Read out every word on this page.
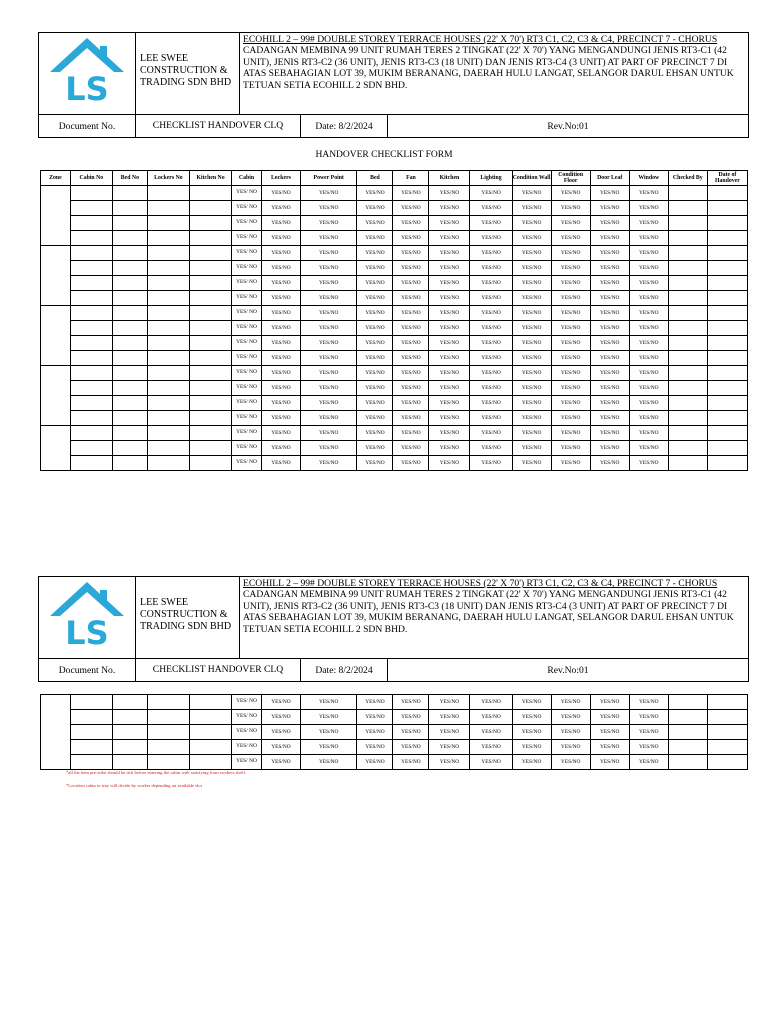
LS	LEE SWEE CONSTRUCTION & TRADING SDN BHD	ECOHILL 2 – 99# DOUBLE STOREY TERRACE HOUSES (22' X 70') RT3 C1, C2, C3 & C4, PRECINCT 7 - CHORUS
CADANGAN MEMBINA 99 UNIT RUMAH TERES 2 TINGKAT (22' X 70') YANG MENGANDUNGI JENIS RT3-C1 (42 UNIT), JENIS RT3-C2 (36 UNIT), JENIS RT3-C3 (18 UNIT) DAN JENIS RT3-C4 (3 UNIT) AT PART OF PRECINCT 7 DI ATAS SEBAHAGIAN LOT 39, MUKIM BERANANG, DAERAH HULU LANGAT, SELANGOR DARUL EHSAN UNTUK TETUAN SETIA ECOHILL 2 SDN BHD.		

Document No.	CHECKLIST HANDOVER CLQ		Date: 8/2/2024	Rev.No:01
HANDOVER CHECKLIST FORM
Zone	Cabin No	Bed No	Lockers No	Kitchen No	Cabin	Lockers	Power Point	Bed	Fan	Kitchen	Lighting	Condition Wall	Condition Floor	Door Leaf	Window	Checked By	Date of Handover
					YES/ NO	YES/NO	YES/NO	YES/NO	YES/NO	YES/NO	YES/NO	YES/NO	YES/NO	YES/NO	YES/NO		
					YES/ NO	YES/NO	YES/NO	YES/NO	YES/NO	YES/NO	YES/NO	YES/NO	YES/NO	YES/NO	YES/NO		
					YES/ NO	YES/NO	YES/NO	YES/NO	YES/NO	YES/NO	YES/NO	YES/NO	YES/NO	YES/NO	YES/NO		
					YES/ NO	YES/NO	YES/NO	YES/NO	YES/NO	YES/NO	YES/NO	YES/NO	YES/NO	YES/NO	YES/NO		
					YES/ NO	YES/NO	YES/NO	YES/NO	YES/NO	YES/NO	YES/NO	YES/NO	YES/NO	YES/NO	YES/NO		
					YES/ NO	YES/NO	YES/NO	YES/NO	YES/NO	YES/NO	YES/NO	YES/NO	YES/NO	YES/NO	YES/NO		
					YES/ NO	YES/NO	YES/NO	YES/NO	YES/NO	YES/NO	YES/NO	YES/NO	YES/NO	YES/NO	YES/NO		
					YES/ NO	YES/NO	YES/NO	YES/NO	YES/NO	YES/NO	YES/NO	YES/NO	YES/NO	YES/NO	YES/NO		
					YES/ NO	YES/NO	YES/NO	YES/NO	YES/NO	YES/NO	YES/NO	YES/NO	YES/NO	YES/NO	YES/NO		
					YES/ NO	YES/NO	YES/NO	YES/NO	YES/NO	YES/NO	YES/NO	YES/NO	YES/NO	YES/NO	YES/NO		
					YES/ NO	YES/NO	YES/NO	YES/NO	YES/NO	YES/NO	YES/NO	YES/NO	YES/NO	YES/NO	YES/NO		
					YES/ NO	YES/NO	YES/NO	YES/NO	YES/NO	YES/NO	YES/NO	YES/NO	YES/NO	YES/NO	YES/NO		
					YES/ NO	YES/NO	YES/NO	YES/NO	YES/NO	YES/NO	YES/NO	YES/NO	YES/NO	YES/NO	YES/NO		
					YES/ NO	YES/NO	YES/NO	YES/NO	YES/NO	YES/NO	YES/NO	YES/NO	YES/NO	YES/NO	YES/NO		
					YES/ NO	YES/NO	YES/NO	YES/NO	YES/NO	YES/NO	YES/NO	YES/NO	YES/NO	YES/NO	YES/NO		
					YES/ NO	YES/NO	YES/NO	YES/NO	YES/NO	YES/NO	YES/NO	YES/NO	YES/NO	YES/NO	YES/NO		
					YES/ NO	YES/NO	YES/NO	YES/NO	YES/NO	YES/NO	YES/NO	YES/NO	YES/NO	YES/NO	YES/NO		
					YES/ NO	YES/NO	YES/NO	YES/NO	YES/NO	YES/NO	YES/NO	YES/NO	YES/NO	YES/NO	YES/NO		
					YES/ NO	YES/NO	YES/NO	YES/NO	YES/NO	YES/NO	YES/NO	YES/NO	YES/NO	YES/NO	YES/NO		
LS	LEE SWEE CONSTRUCTION & TRADING SDN BHD	ECOHILL 2 – 99# DOUBLE STOREY TERRACE HOUSES (22' X 70') RT3 C1, C2, C3 & C4, PRECINCT 7 - CHORUS
CADANGAN MEMBINA 99 UNIT RUMAH TERES 2 TINGKAT (22' X 70') YANG MENGANDUNGI JENIS RT3-C1 (42 UNIT), JENIS RT3-C2 (36 UNIT), JENIS RT3-C3 (18 UNIT) DAN JENIS RT3-C4 (3 UNIT) AT PART OF PRECINCT 7 DI ATAS SEBAHAGIAN LOT 39, MUKIM BERANANG, DAERAH HULU LANGAT, SELANGOR DARUL EHSAN UNTUK TETUAN SETIA ECOHILL 2 SDN BHD.		

Document No.	CHECKLIST HANDOVER CLQ		Date: 8/2/2024	Rev.No:01
					YES/ NO	YES/NO	YES/NO	YES/NO	YES/NO	YES/NO	YES/NO	YES/NO	YES/NO	YES/NO	YES/NO		
					YES/ NO	YES/NO	YES/NO	YES/NO	YES/NO	YES/NO	YES/NO	YES/NO	YES/NO	YES/NO	YES/NO		
					YES/ NO	YES/NO	YES/NO	YES/NO	YES/NO	YES/NO	YES/NO	YES/NO	YES/NO	YES/NO	YES/NO		
					YES/ NO	YES/NO	YES/NO	YES/NO	YES/NO	YES/NO	YES/NO	YES/NO	YES/NO	YES/NO	YES/NO		
					YES/ NO	YES/NO	YES/NO	YES/NO	YES/NO	YES/NO	YES/NO	YES/NO	YES/NO	YES/NO	YES/NO		
*all the item pre-sribe should be tick before entering the cabin with satisfying from workers itself.
*Location cabin to stay will decide by worker depending on available slot
